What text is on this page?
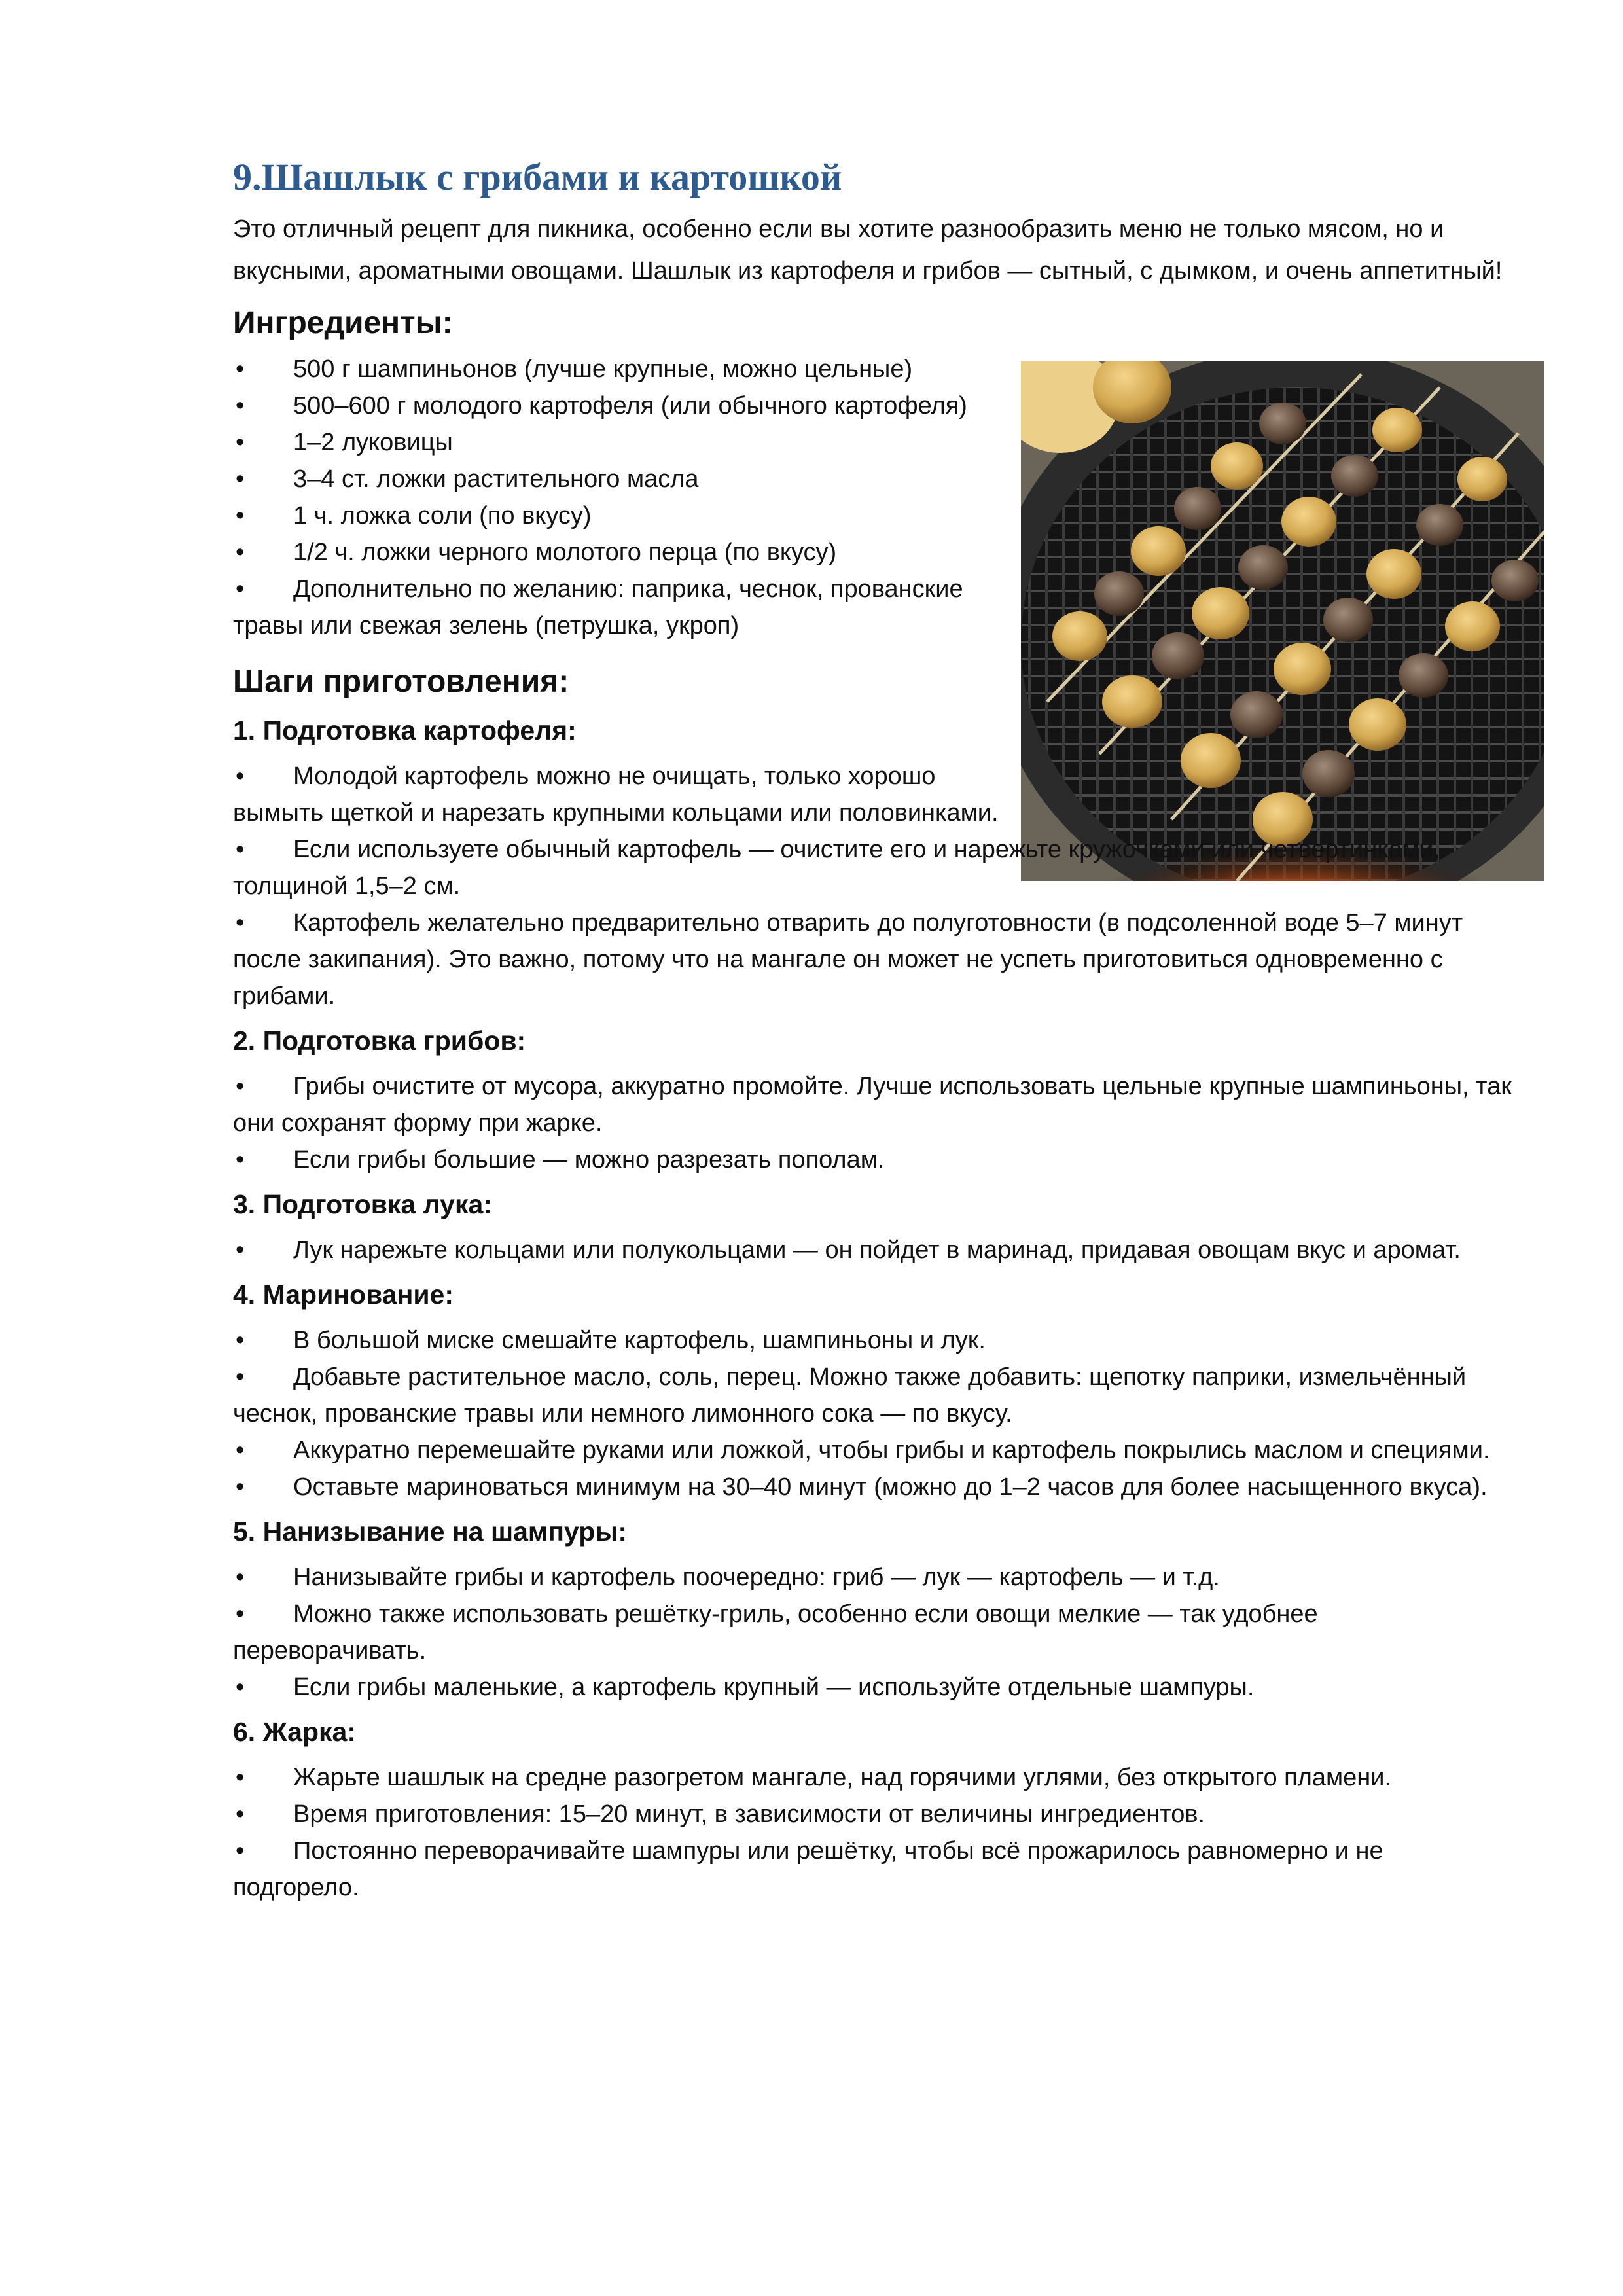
9.Шашлык с грибами и картошкой

Это отличный рецепт для пикника, особенно если вы хотите разнообразить меню не только мясом, но и вкусными, ароматными овощами. Шашлык из картофеля и грибов — сытный, с дымком, и очень аппетитный!

Ингредиенты:
•	500 г шампиньонов (лучше крупные, можно цельные)
•	500–600 г молодого картофеля (или обычного картофеля)
•	1–2 луковицы
•	3–4 ст. ложки растительного масла
•	1 ч. ложка соли (по вкусу)
•	1/2 ч. ложки черного молотого перца (по вкусу)
•	Дополнительно по желанию: паприка, чеснок, прованские травы или свежая зелень (петрушка, укроп)
Шаги приготовления:
1. Подготовка картофеля:
•	Молодой картофель можно не очищать, только хорошо вымыть щеткой и нарезать крупными кольцами или половинками.
•	Если используете обычный картофель — очистите его и нарежьте кружочками или четвертинками, толщиной 1,5–2 см.
•	Картофель желательно предварительно отварить до полуготовности (в подсоленной воде 5–7 минут после закипания). Это важно, потому что на мангале он может не успеть приготовиться одновременно с грибами.
2. Подготовка грибов:
•	Грибы очистите от мусора, аккуратно промойте. Лучше использовать цельные крупные шампиньоны, так они сохранят форму при жарке.
•	Если грибы большие — можно разрезать пополам.
3. Подготовка лука:
•	Лук нарежьте кольцами или полукольцами — он пойдет в маринад, придавая овощам вкус и аромат.
4. Маринование:
•	В большой миске смешайте картофель, шампиньоны и лук.
•	Добавьте растительное масло, соль, перец. Можно также добавить: щепотку паприки, измельчённый чеснок, прованские травы или немного лимонного сока — по вкусу.
•	Аккуратно перемешайте руками или ложкой, чтобы грибы и картофель покрылись маслом и специями.
•	Оставьте мариноваться минимум на 30–40 минут (можно до 1–2 часов для более насыщенного вкуса).
5. Нанизывание на шампуры:
•	Нанизывайте грибы и картофель поочередно: гриб — лук — картофель — и т.д.
•	Можно также использовать решётку-гриль, особенно если овощи мелкие — так удобнее переворачивать.
•	Если грибы маленькие, а картофель крупный — используйте отдельные шампуры.
6. Жарка:
•	Жарьте шашлык на средне разогретом мангале, над горячими углями, без открытого пламени.
•	Время приготовления: 15–20 минут, в зависимости от величины ингредиентов.
•	Постоянно переворачивайте шампуры или решётку, чтобы всё прожарилось равномерно и не подгорело.
